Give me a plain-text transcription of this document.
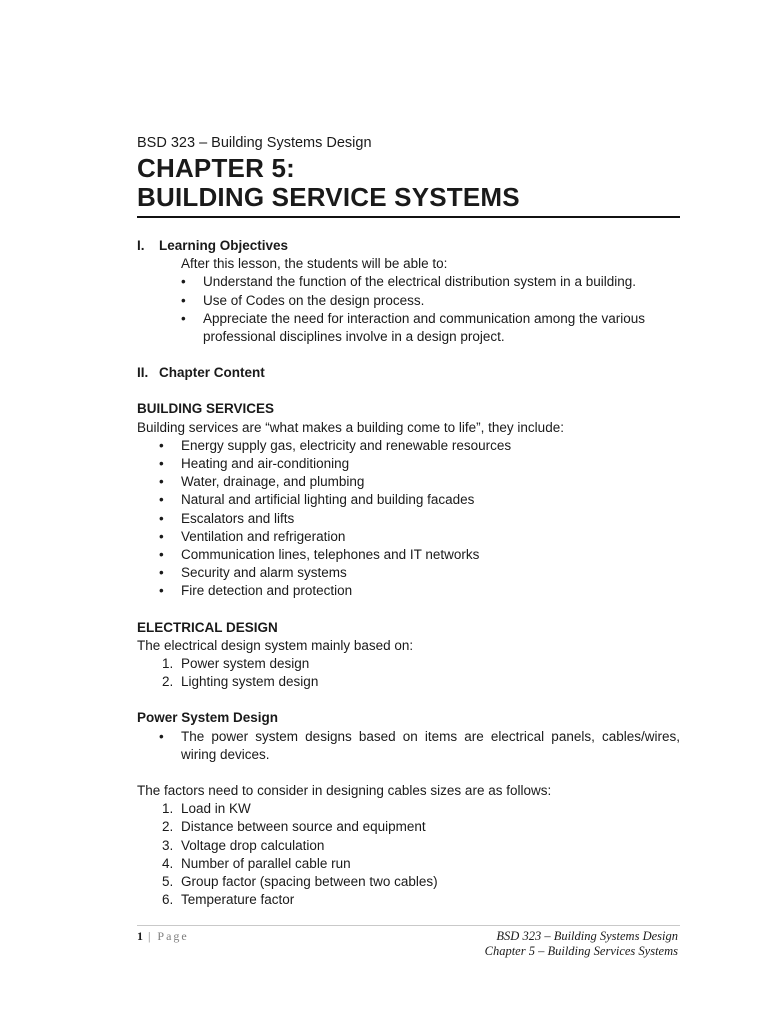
BSD 323 – Building Systems Design
CHAPTER 5:
BUILDING SERVICE SYSTEMS
I.	Learning Objectives
After this lesson, the students will be able to:
• Understand the function of the electrical distribution system in a building.
• Use of Codes on the design process.
• Appreciate the need for interaction and communication among the various professional disciplines involve in a design project.
II. Chapter Content
BUILDING SERVICES
Building services are “what makes a building come to life”, they include:
• Energy supply gas, electricity and renewable resources
• Heating and air-conditioning
• Water, drainage, and plumbing
• Natural and artificial lighting and building facades
• Escalators and lifts
• Ventilation and refrigeration
• Communication lines, telephones and IT networks
• Security and alarm systems
• Fire detection and protection
ELECTRICAL DESIGN
The electrical design system mainly based on:
1. Power system design
2. Lighting system design
Power System Design
• The power system designs based on items are electrical panels, cables/wires, wiring devices.
The factors need to consider in designing cables sizes are as follows:
1. Load in KW
2. Distance between source and equipment
3. Voltage drop calculation
4. Number of parallel cable run
5. Group factor (spacing between two cables)
6. Temperature factor
1 | Page	BSD 323 – Building Systems Design
Chapter 5 – Building Services Systems
